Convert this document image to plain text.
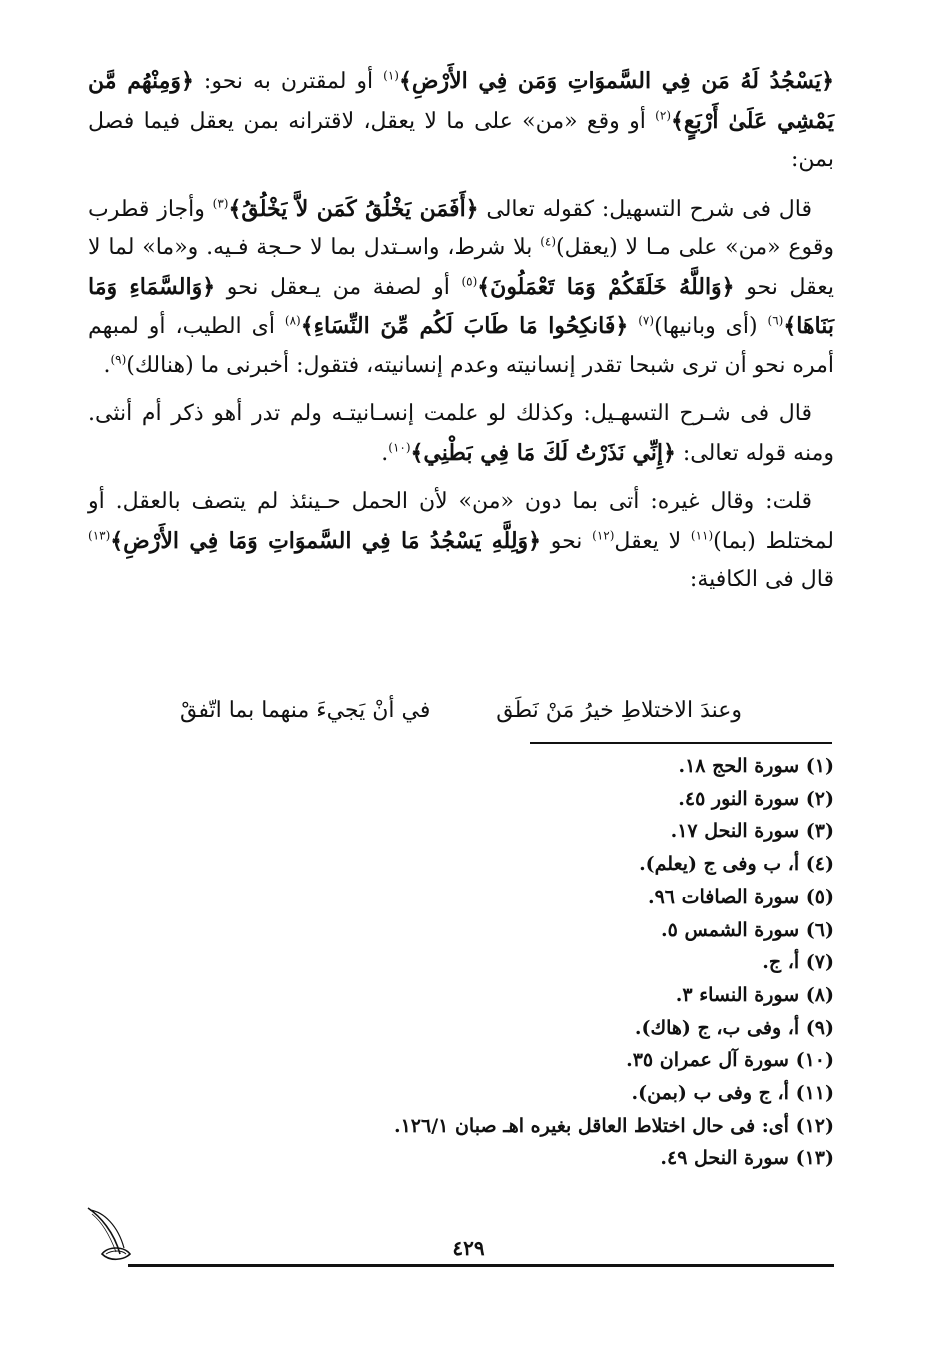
﴿يَسْجُدُ لَهُ مَن فِي السَّموَاتِ وَمَن فِي الأَرْضِ﴾$^{(١)}$ أو لمقترن به نحو: ﴿وَمِنْهُم مَّن يَمْشِي عَلَىٰ أَرْبَعٍ﴾$^{(٢)}$ أو وقع «من» على ما لا يعقل، لاقترانه بمن يعقل فيما فصل بمن:

قال فى شرح التسهيل: كقوله تعالى ﴿أَفَمَن يَخْلُقُ كَمَن لاَّ يَخْلُقُ﴾$^{(٣)}$ وأجاز قطرب وقوع «من» على مـا لا (يعقل)$^{(٤)}$ بلا شرط، واسـتدل بما لا حـجة فـيه. و«ما» لما لا يعقل نحو ﴿وَاللَّهُ خَلَقَكُمْ وَمَا تَعْمَلُونَ﴾$^{(٥)}$ أو لصفة من يـعقل نحو ﴿وَالسَّمَاءِ وَمَا بَنَاهَا﴾$^{(٦)}$ (أى وبانيها)$^{(٧)}$ ﴿فَانكِحُوا مَا طَابَ لَكُم مِّنَ النِّسَاءِ﴾$^{(٨)}$ أى الطيب، أو لمبهم أمره نحو أن ترى شبحا تقدر إنسانيته وعدم إنسانيته، فتقول: أخبرنى ما (هنالك)$^{(٩)}$.

قال فى شـرح التسهـيل: وكذلك لو علمت إنسـانيتـه ولم تدر أهو ذكر أم أنثى. ومنه قوله تعالى: ﴿إِنِّي نَذَرْتُ لَكَ مَا فِي بَطْنِي﴾$^{(١٠)}$.

قلت: وقال غيره: أتى بما دون «من» لأن الحمل حـينئذ لم يتصف بالعقل. أو لمختلط (بما)$^{(١١)}$ لا يعقل$^{(١٢)}$ نحو ﴿وَلِلَّهِ يَسْجُدُ مَا فِي السَّموَاتِ وَمَا فِي الأَرْضِ﴾$^{(١٣)}$ قال فى الكافية:

وعندَ الاختلاطِ خيرُ مَنْ نَطَق
في أنْ يَجيءَ منهما بما اتّفقْ
(١) سورة الحج ١٨.
(٢) سورة النور ٤٥.
(٣) سورة النحل ١٧.
(٤) أ، ب وفى ج (يعلم).
(٥) سورة الصافات ٩٦.
(٦) سورة الشمس ٥.
(٧) أ، ج.
(٨) سورة النساء ٣.
(٩) أ، وفى ب، ج (هاك).
(١٠) سورة آل عمران ٣٥.
(١١) أ، ج وفى ب (بمن).
(١٢) أى: فى حال اختلاط العاقل بغيره اهـ صبان ١٢٦/١.
(١٣) سورة النحل ٤٩.
٤٢٩
